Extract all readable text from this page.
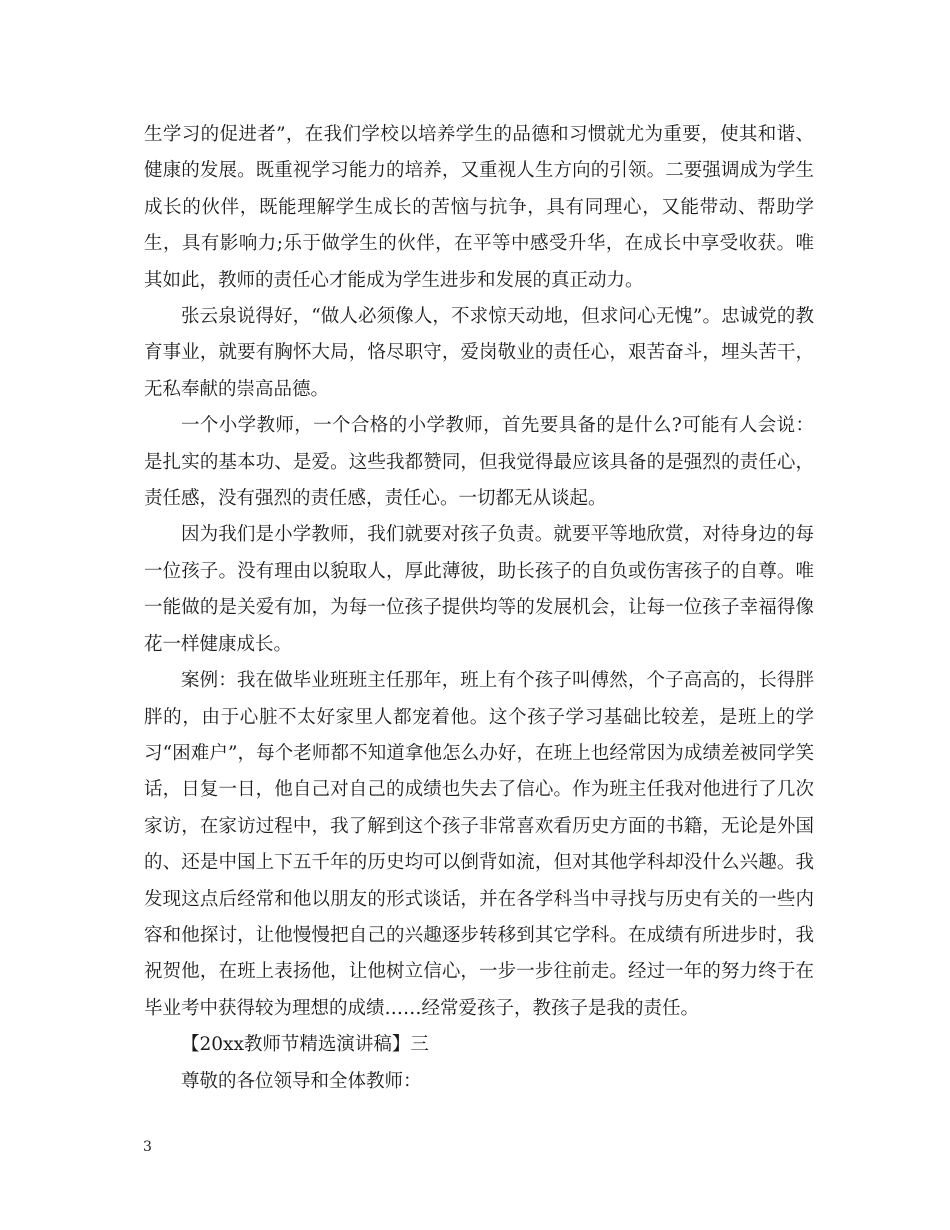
生学习的促进者”，在我们学校以培养学生的品德和习惯就尤为重要，使其和谐、健康的发展。既重视学习能力的培养，又重视人生方向的引领。二要强调成为学生成长的伙伴，既能理解学生成长的苦恼与抗争，具有同理心，又能带动、帮助学生，具有影响力;乐于做学生的伙伴，在平等中感受升华，在成长中享受收获。唯其如此，教师的责任心才能成为学生进步和发展的真正动力。

张云泉说得好，“做人必须像人，不求惊天动地，但求问心无愧”。忠诚党的教育事业，就要有胸怀大局，恪尽职守，爱岗敬业的责任心，艰苦奋斗，埋头苦干，无私奉献的崇高品德。

一个小学教师，一个合格的小学教师，首先要具备的是什么?可能有人会说：是扎实的基本功、是爱。这些我都赞同，但我觉得最应该具备的是强烈的责任心，责任感，没有强烈的责任感，责任心。一切都无从谈起。

因为我们是小学教师，我们就要对孩子负责。就要平等地欣赏，对待身边的每一位孩子。没有理由以貌取人，厚此薄彼，助长孩子的自负或伤害孩子的自尊。唯一能做的是关爱有加，为每一位孩子提供均等的发展机会，让每一位孩子幸福得像花一样健康成长。

案例：我在做毕业班班主任那年，班上有个孩子叫傅然，个子高高的，长得胖胖的，由于心脏不太好家里人都宠着他。这个孩子学习基础比较差，是班上的学习“困难户”，每个老师都不知道拿他怎么办好，在班上也经常因为成绩差被同学笑话，日复一日，他自己对自己的成绩也失去了信心。作为班主任我对他进行了几次家访，在家访过程中，我了解到这个孩子非常喜欢看历史方面的书籍，无论是外国的、还是中国上下五千年的历史均可以倒背如流，但对其他学科却没什么兴趣。我发现这点后经常和他以朋友的形式谈话，并在各学科当中寻找与历史有关的一些内容和他探讨，让他慢慢把自己的兴趣逐步转移到其它学科。在成绩有所进步时，我祝贺他，在班上表扬他，让他树立信心，一步一步往前走。经过一年的努力终于在毕业考中获得较为理想的成绩……经常爱孩子，教孩子是我的责任。

【20xx教师节精选演讲稿】三

尊敬的各位领导和全体教师：

3
